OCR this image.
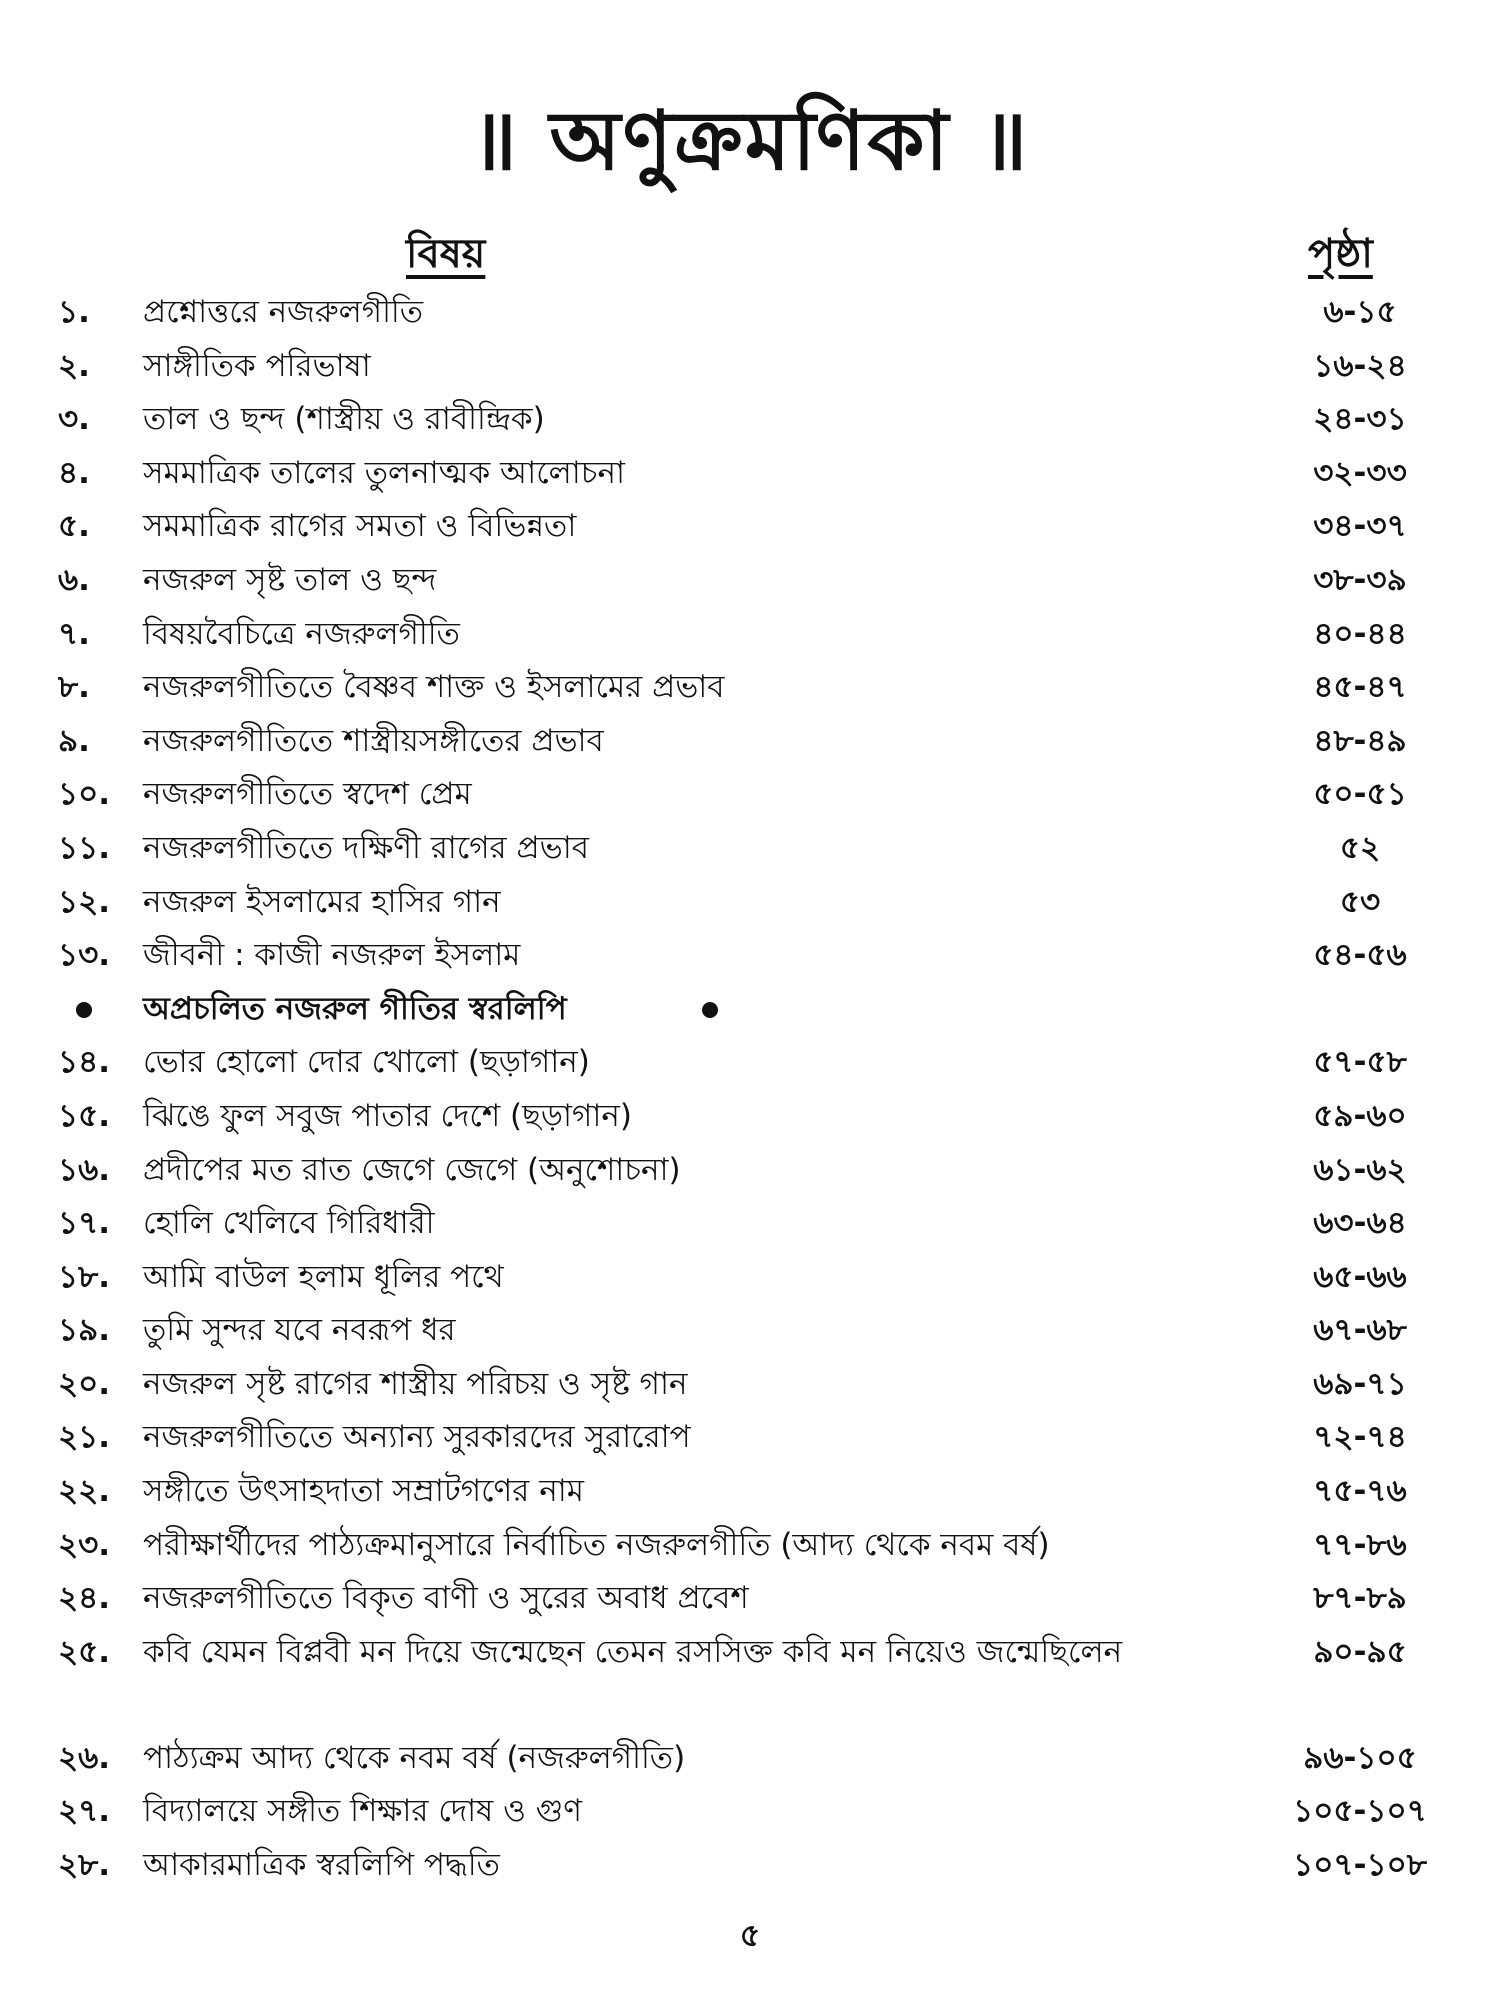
॥ অণুক্রমণিকা ॥
বিষয়	পৃষ্ঠা
১.	প্রশ্নোত্তরে নজরুলগীতি	৬-১৫
২.	সাঙ্গীতিক পরিভাষা	১৬-২৪
৩.	তাল ও ছন্দ (শাস্ত্রীয় ও রাবীন্দ্রিক)	২৪-৩১
৪.	সমমাত্রিক তালের তুলনাত্মক আলোচনা	৩২-৩৩
৫.	সমমাত্রিক রাগের সমতা ও বিভিন্নতা	৩৪-৩৭
৬.	নজরুল সৃষ্ট তাল ও ছন্দ	৩৮-৩৯
৭.	বিষয়বৈচিত্রে নজরুলগীতি	৪০-৪৪
৮.	নজরুলগীতিতে বৈষ্ণব শাক্ত ও ইসলামের প্রভাব	৪৫-৪৭
৯.	নজরুলগীতিতে শাস্ত্রীয়সঙ্গীতের প্রভাব	৪৮-৪৯
১০.	নজরুলগীতিতে স্বদেশ প্রেম	৫০-৫১
১১.	নজরুলগীতিতে দক্ষিণী রাগের প্রভাব	৫২
১২.	নজরুল ইসলামের হাসির গান	৫৩
১৩.	জীবনী : কাজী নজরুল ইসলাম	৫৪-৫৬
অপ্রচলিত নজরুল গীতির স্বরলিপি
১৪.	ভোর হোলো দোর খোলো (ছড়াগান)	৫৭-৫৮
১৫.	ঝিঙে ফুল সবুজ পাতার দেশে (ছড়াগান)	৫৯-৬০
১৬.	প্রদীপের মত রাত জেগে জেগে (অনুশোচনা)	৬১-৬২
১৭.	হোলি খেলিবে গিরিধারী	৬৩-৬৪
১৮.	আমি বাউল হলাম ধূলির পথে	৬৫-৬৬
১৯.	তুমি সুন্দর যবে নবরূপ ধর	৬৭-৬৮
২০.	নজরুল সৃষ্ট রাগের শাস্ত্রীয় পরিচয় ও সৃষ্ট গান	৬৯-৭১
২১.	নজরুলগীতিতে অন্যান্য সুরকারদের সুরারোপ	৭২-৭৪
২২.	সঙ্গীতে উৎসাহদাতা সম্রাটগণের নাম	৭৫-৭৬
২৩.	পরীক্ষার্থীদের পাঠ্যক্রমানুসারে নির্বাচিত নজরুলগীতি (আদ্য থেকে নবম বর্ষ)	৭৭-৮৬
২৪.	নজরুলগীতিতে বিকৃত বাণী ও সুরের অবাধ প্রবেশ	৮৭-৮৯
২৫.	কবি যেমন বিপ্লবী মন দিয়ে জন্মেছেন তেমন রসসিক্ত কবি মন নিয়েও জন্মেছিলেন	৯০-৯৫
২৬.	পাঠ্যক্রম আদ্য থেকে নবম বর্ষ (নজরুলগীতি)	৯৬-১০৫
২৭.	বিদ্যালয়ে সঙ্গীত শিক্ষার দোষ ও গুণ	১০৫-১০৭
২৮.	আকারমাত্রিক স্বরলিপি পদ্ধতি	১০৭-১০৮
৫
